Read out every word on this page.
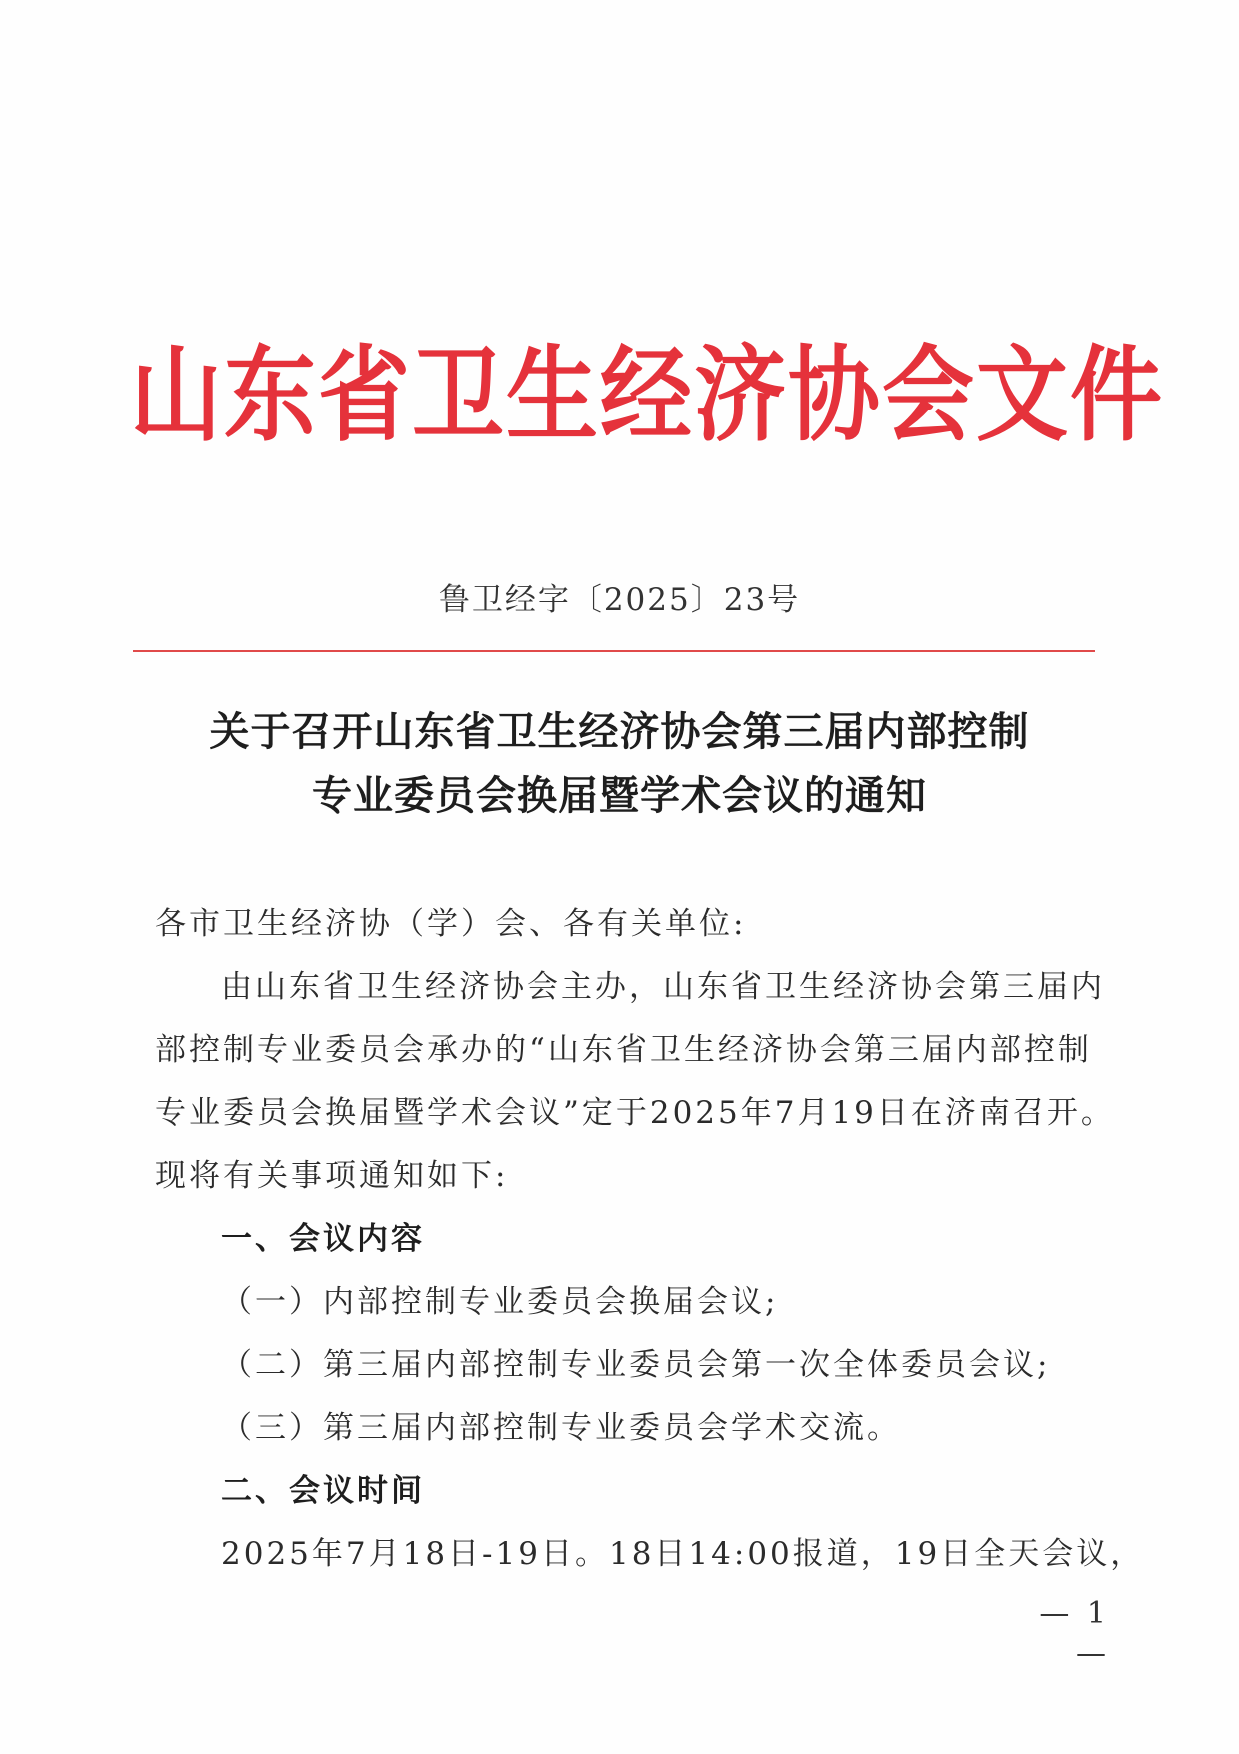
山东省卫生经济协会文件
鲁卫经字〔2025〕23号
关于召开山东省卫生经济协会第三届内部控制
专业委员会换届暨学术会议的通知
各市卫生经济协（学）会、各有关单位:
由山东省卫生经济协会主办，山东省卫生经济协会第三届内
部控制专业委员会承办的“山东省卫生经济协会第三届内部控制
专业委员会换届暨学术会议”定于2025年7月19日在济南召开。
现将有关事项通知如下:
一、会议内容
（一）内部控制专业委员会换届会议;
（二）第三届内部控制专业委员会第一次全体委员会议;
（三）第三届内部控制专业委员会学术交流。
二、会议时间
2025年7月18日-19日。18日14:00报道，19日全天会议，
— 1 —
